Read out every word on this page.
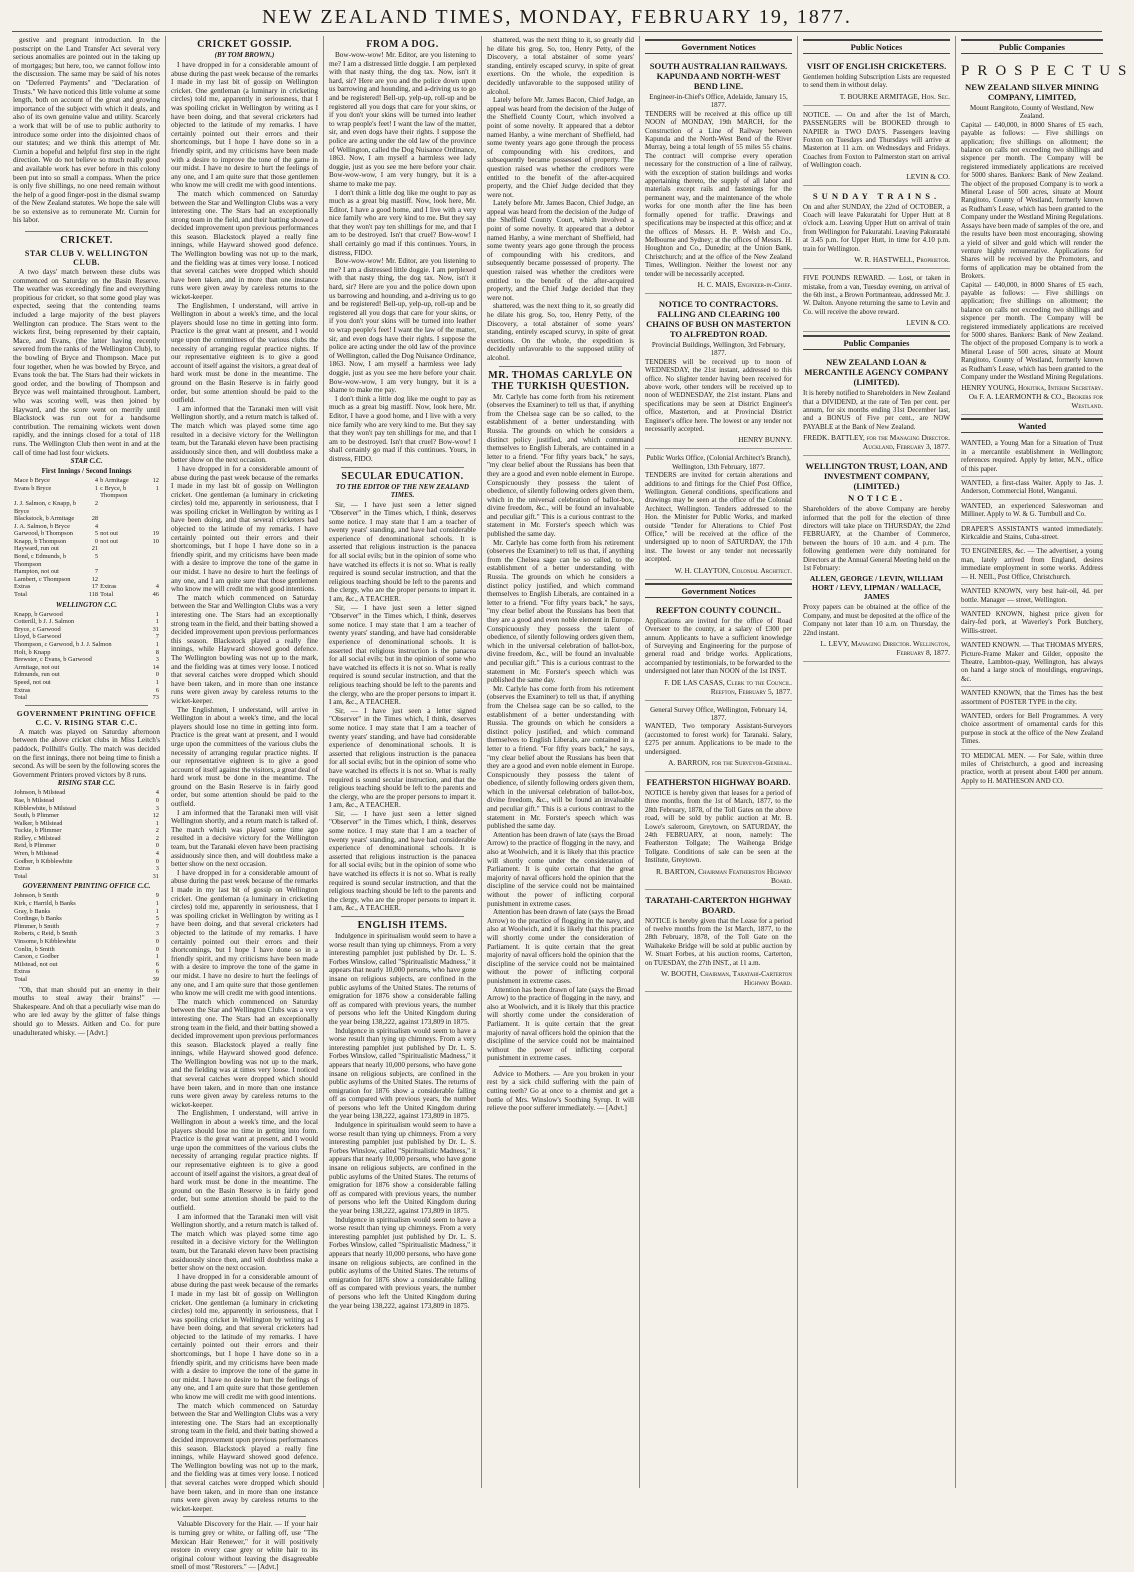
NEW ZEALAND TIMES, MONDAY, FEBRUARY 19, 1877.

gestive and pregnant introduction. In the postscript on the Land Transfer Act several very serious anomalies are pointed out in the taking up of mortgages; but here, too, we cannot follow into the discussion. The same may be said of his notes on "Deferred Payments" and "Declaration of Trusts." We have noticed this little volume at some length, both on account of the great and growing importance of the subject with which it deals, and also of its own genuine value and utility. Scarcely a work that will be of use to public authority to introduce some order into the disjointed chaos of our statutes; and we think this attempt of Mr. Curnin a hopeful and helpful first step in the right direction. We do not believe so much really good and available work has ever before in this colony been put into so small a compass. When the price is only five shillings, no one need remain without the help of a good finger-post in the dismal swamp of the New Zealand statutes. We hope the sale will be so extensive as to remunerate Mr. Curnin for his labor.

CRICKET.
STAR CLUB V. WELLINGTON CLUB.

A two days' match between these clubs was commenced on Saturday on the Basin Reserve. The weather was exceedingly fine and everything propitious for cricket, so that some good play was expected, seeing that the contending teams included a large majority of the best players Wellington can produce. The Stars went to the wickets first, being represented by their captain, Mace, and Evans, (the latter having recently severed from the ranks of the Wellington Club), to the bowling of Bryce and Thompson. Mace put four together, when he was bowled by Bryce, and Evans took the bat. The Stars had their wickets in good order, and the bowling of Thompson and Bryce was well maintained throughout. Lambert, who was scoring well, was then joined by Hayward, and the score went on merrily until Blackstock was run out for a handsome contribution. The remaining wickets went down rapidly, and the innings closed for a total of 118 runs. The Wellington Club then went in and at the call of time had lost four wickets.

STAR C.C.
First Innings / Second Innings
Mace b Bryce	4	b Armitage	12
Evans b Bryce	1	c Bryce, b Thompson	1
J. J. Salmon, c Knapp, b Bryce	2		
Blackstock, b Armitage	28		
J. A. Salmon, b Bryce	4		
Garwood, b Thompson	5	not out	19
Knapp, b Thompson	0	not out	10
Hayward, run out	21		
Bond, c Edmunds, b Thompson	5		
Hampton, not out	7		
Lambert, c Thompson	12		
Extras	17	Extras	4
Total	118	Total	46
WELLINGTON C.C.
Knapp, b Garwood	1
Cotterill, b J. J. Salmon	1
Bryce, c Garwood	31
Lloyd, b Garwood	7
Thompson, c Garwood, b J. J. Salmon	1
Holt, b Knapp	8
Brewster, c Evans, b Garwood	3
Armitage, not out	14
Edmunds, run out	0
Speed, not out	1
Extras	6
Total	73
GOVERNMENT PRINTING OFFICE C.C. V. RISING STAR C.C.

A match was played on Saturday afternoon between the above cricket clubs in Miss Leitch's paddock, Pollhill's Gully. The match was decided on the first innings, there not being time to finish a second. As will be seen by the following scores the Government Printers proved victors by 8 runs.

RISING STAR C.C.
Johnson, b Milstead	4
Rae, b Milstead	0
Kibblewhite, b Milstead	3
South, b Plimmer	12
Walker, b Milstead	1
Tuckie, b Plimmer	2
Ridley, c Milstead	2
Reid, b Plimmer	0
Wren, b Milstead	4
Godber, b Kibblewhite	0
Extras	3
Total	31
GOVERNMENT PRINTING OFFICE C.C.
Johnson, b Smith	9
Kirk, c Harrild, b Banks	1
Gray, b Banks	1
Cordinge, b Banks	5
Plimmer, b Smith	7
Roberts, c Reid, b Smith	3
Vinsome, b Kibblewhite	0
Conlin, b Smith	0
Carson, c Godber	1
Milstead, not out	6
Extras	6
Total	39

"Oh, that man should put an enemy in their mouths to steal away their brains!" — Shakespeare. And oh that a peculiarly wise man do who are led away by the glitter of false things should go to Messrs. Aitken and Co. for pure unadulterated whisky. — [Advt.]

CRICKET GOSSIP.
(BY TOM BROWN.)

I have dropped in for a considerable amount of abuse during the past week because of the remarks I made in my last bit of gossip on Wellington cricket. One gentleman (a luminary in cricketing circles) told me, apparently in seriousness, that I was spoiling cricket in Wellington by writing as I have been doing, and that several cricketers had objected to the latitude of my remarks. I have certainly pointed out their errors and their shortcomings, but I hope I have done so in a friendly spirit, and my criticisms have been made with a desire to improve the tone of the game in our midst. I have no desire to hurt the feelings of any one, and I am quite sure that those gentlemen who know me will credit me with good intentions.

The match which commenced on Saturday between the Star and Wellington Clubs was a very interesting one. The Stars had an exceptionally strong team in the field, and their batting showed a decided improvement upon previous performances this season. Blackstock played a really fine innings, while Hayward showed good defence. The Wellington bowling was not up to the mark, and the fielding was at times very loose. I noticed that several catches were dropped which should have been taken, and in more than one instance runs were given away by careless returns to the wicket-keeper.

The Englishmen, I understand, will arrive in Wellington in about a week's time, and the local players should lose no time in getting into form. Practice is the great want at present, and I would urge upon the committees of the various clubs the necessity of arranging regular practice nights. If our representative eighteen is to give a good account of itself against the visitors, a great deal of hard work must be done in the meantime. The ground on the Basin Reserve is in fairly good order, but some attention should be paid to the outfield.

I am informed that the Taranaki men will visit Wellington shortly, and a return match is talked of. The match which was played some time ago resulted in a decisive victory for the Wellington team, but the Taranaki eleven have been practising assiduously since then, and will doubtless make a better show on the next occasion.

I have dropped in for a considerable amount of abuse during the past week because of the remarks I made in my last bit of gossip on Wellington cricket. One gentleman (a luminary in cricketing circles) told me, apparently in seriousness, that I was spoiling cricket in Wellington by writing as I have been doing, and that several cricketers had objected to the latitude of my remarks. I have certainly pointed out their errors and their shortcomings, but I hope I have done so in a friendly spirit, and my criticisms have been made with a desire to improve the tone of the game in our midst. I have no desire to hurt the feelings of any one, and I am quite sure that those gentlemen who know me will credit me with good intentions.

The match which commenced on Saturday between the Star and Wellington Clubs was a very interesting one. The Stars had an exceptionally strong team in the field, and their batting showed a decided improvement upon previous performances this season. Blackstock played a really fine innings, while Hayward showed good defence. The Wellington bowling was not up to the mark, and the fielding was at times very loose. I noticed that several catches were dropped which should have been taken, and in more than one instance runs were given away by careless returns to the wicket-keeper.

The Englishmen, I understand, will arrive in Wellington in about a week's time, and the local players should lose no time in getting into form. Practice is the great want at present, and I would urge upon the committees of the various clubs the necessity of arranging regular practice nights. If our representative eighteen is to give a good account of itself against the visitors, a great deal of hard work must be done in the meantime. The ground on the Basin Reserve is in fairly good order, but some attention should be paid to the outfield.

I am informed that the Taranaki men will visit Wellington shortly, and a return match is talked of. The match which was played some time ago resulted in a decisive victory for the Wellington team, but the Taranaki eleven have been practising assiduously since then, and will doubtless make a better show on the next occasion.

I have dropped in for a considerable amount of abuse during the past week because of the remarks I made in my last bit of gossip on Wellington cricket. One gentleman (a luminary in cricketing circles) told me, apparently in seriousness, that I was spoiling cricket in Wellington by writing as I have been doing, and that several cricketers had objected to the latitude of my remarks. I have certainly pointed out their errors and their shortcomings, but I hope I have done so in a friendly spirit, and my criticisms have been made with a desire to improve the tone of the game in our midst. I have no desire to hurt the feelings of any one, and I am quite sure that those gentlemen who know me will credit me with good intentions.

The match which commenced on Saturday between the Star and Wellington Clubs was a very interesting one. The Stars had an exceptionally strong team in the field, and their batting showed a decided improvement upon previous performances this season. Blackstock played a really fine innings, while Hayward showed good defence. The Wellington bowling was not up to the mark, and the fielding was at times very loose. I noticed that several catches were dropped which should have been taken, and in more than one instance runs were given away by careless returns to the wicket-keeper.

The Englishmen, I understand, will arrive in Wellington in about a week's time, and the local players should lose no time in getting into form. Practice is the great want at present, and I would urge upon the committees of the various clubs the necessity of arranging regular practice nights. If our representative eighteen is to give a good account of itself against the visitors, a great deal of hard work must be done in the meantime. The ground on the Basin Reserve is in fairly good order, but some attention should be paid to the outfield.

I am informed that the Taranaki men will visit Wellington shortly, and a return match is talked of. The match which was played some time ago resulted in a decisive victory for the Wellington team, but the Taranaki eleven have been practising assiduously since then, and will doubtless make a better show on the next occasion.

I have dropped in for a considerable amount of abuse during the past week because of the remarks I made in my last bit of gossip on Wellington cricket. One gentleman (a luminary in cricketing circles) told me, apparently in seriousness, that I was spoiling cricket in Wellington by writing as I have been doing, and that several cricketers had objected to the latitude of my remarks. I have certainly pointed out their errors and their shortcomings, but I hope I have done so in a friendly spirit, and my criticisms have been made with a desire to improve the tone of the game in our midst. I have no desire to hurt the feelings of any one, and I am quite sure that those gentlemen who know me will credit me with good intentions.

The match which commenced on Saturday between the Star and Wellington Clubs was a very interesting one. The Stars had an exceptionally strong team in the field, and their batting showed a decided improvement upon previous performances this season. Blackstock played a really fine innings, while Hayward showed good defence. The Wellington bowling was not up to the mark, and the fielding was at times very loose. I noticed that several catches were dropped which should have been taken, and in more than one instance runs were given away by careless returns to the wicket-keeper.

Valuable Discovery for the Hair. — If your hair is turning grey or white, or falling off, use "The Mexican Hair Renewer," for it will positively restore in every case grey or white hair to its original colour without leaving the disagreeable smell of most "Restorers." — [Advt.]

FROM A DOG.

Bow-wow-wow! Mr. Editor, are you listening to me? I am a distressed little doggie. I am perplexed with that nasty thing, the dog tax. Now, isn't it hard, sir? Here are you and the police down upon us barrowing and hounding, and a-driving us to go and be registered! Bell-up, yelp-up, roll-up and be registered all you dogs that care for your skins, or if you don't your skins will be turned into leather to wrap people's feet! I want the law of the matter, sir, and even dogs have their rights. I suppose the police are acting under the old law of the province of Wellington, called the Dog Nuisance Ordinance, 1863. Now, I am myself a harmless wee lady doggie, just as you see me here before your chair. Bow-wow-wow, I am very hungry, but it is a shame to make me pay.

I don't think a little dog like me ought to pay as much as a great big mastiff. Now, look here, Mr. Editor, I have a good home, and I live with a very nice family who are very kind to me. But they say that they won't pay ten shillings for me, and that I am to be destroyed. Isn't that cruel? Bow-wow! I shall certainly go mad if this continues. Yours, in distress, FIDO.

Bow-wow-wow! Mr. Editor, are you listening to me? I am a distressed little doggie. I am perplexed with that nasty thing, the dog tax. Now, isn't it hard, sir? Here are you and the police down upon us barrowing and hounding, and a-driving us to go and be registered! Bell-up, yelp-up, roll-up and be registered all you dogs that care for your skins, or if you don't your skins will be turned into leather to wrap people's feet! I want the law of the matter, sir, and even dogs have their rights. I suppose the police are acting under the old law of the province of Wellington, called the Dog Nuisance Ordinance, 1863. Now, I am myself a harmless wee lady doggie, just as you see me here before your chair. Bow-wow-wow, I am very hungry, but it is a shame to make me pay.

I don't think a little dog like me ought to pay as much as a great big mastiff. Now, look here, Mr. Editor, I have a good home, and I live with a very nice family who are very kind to me. But they say that they won't pay ten shillings for me, and that I am to be destroyed. Isn't that cruel? Bow-wow! I shall certainly go mad if this continues. Yours, in distress, FIDO.

SECULAR EDUCATION.
TO THE EDITOR OF THE NEW ZEALAND TIMES.

Sir, — I have just seen a letter signed "Observer" in the Times which, I think, deserves some notice. I may state that I am a teacher of twenty years' standing, and have had considerable experience of denominational schools. It is asserted that religious instruction is the panacea for all social evils; but in the opinion of some who have watched its effects it is not so. What is really required is sound secular instruction, and that the religious teaching should be left to the parents and the clergy, who are the proper persons to impart it. I am, &c., A TEACHER.

Sir, — I have just seen a letter signed "Observer" in the Times which, I think, deserves some notice. I may state that I am a teacher of twenty years' standing, and have had considerable experience of denominational schools. It is asserted that religious instruction is the panacea for all social evils; but in the opinion of some who have watched its effects it is not so. What is really required is sound secular instruction, and that the religious teaching should be left to the parents and the clergy, who are the proper persons to impart it. I am, &c., A TEACHER.

Sir, — I have just seen a letter signed "Observer" in the Times which, I think, deserves some notice. I may state that I am a teacher of twenty years' standing, and have had considerable experience of denominational schools. It is asserted that religious instruction is the panacea for all social evils; but in the opinion of some who have watched its effects it is not so. What is really required is sound secular instruction, and that the religious teaching should be left to the parents and the clergy, who are the proper persons to impart it. I am, &c., A TEACHER.

Sir, — I have just seen a letter signed "Observer" in the Times which, I think, deserves some notice. I may state that I am a teacher of twenty years' standing, and have had considerable experience of denominational schools. It is asserted that religious instruction is the panacea for all social evils; but in the opinion of some who have watched its effects it is not so. What is really required is sound secular instruction, and that the religious teaching should be left to the parents and the clergy, who are the proper persons to impart it. I am, &c., A TEACHER.

ENGLISH ITEMS.

Indulgence in spiritualism would seem to have a worse result than tying up chimneys. From a very interesting pamphlet just published by Dr. L. S. Forbes Winslow, called "Spiritualistic Madness," it appears that nearly 10,000 persons, who have gone insane on religious subjects, are confined in the public asylums of the United States. The returns of emigration for 1876 show a considerable falling off as compared with previous years, the number of persons who left the United Kingdom during the year being 138,222, against 173,809 in 1875.

Indulgence in spiritualism would seem to have a worse result than tying up chimneys. From a very interesting pamphlet just published by Dr. L. S. Forbes Winslow, called "Spiritualistic Madness," it appears that nearly 10,000 persons, who have gone insane on religious subjects, are confined in the public asylums of the United States. The returns of emigration for 1876 show a considerable falling off as compared with previous years, the number of persons who left the United Kingdom during the year being 138,222, against 173,809 in 1875.

Indulgence in spiritualism would seem to have a worse result than tying up chimneys. From a very interesting pamphlet just published by Dr. L. S. Forbes Winslow, called "Spiritualistic Madness," it appears that nearly 10,000 persons, who have gone insane on religious subjects, are confined in the public asylums of the United States. The returns of emigration for 1876 show a considerable falling off as compared with previous years, the number of persons who left the United Kingdom during the year being 138,222, against 173,809 in 1875.

Indulgence in spiritualism would seem to have a worse result than tying up chimneys. From a very interesting pamphlet just published by Dr. L. S. Forbes Winslow, called "Spiritualistic Madness," it appears that nearly 10,000 persons, who have gone insane on religious subjects, are confined in the public asylums of the United States. The returns of emigration for 1876 show a considerable falling off as compared with previous years, the number of persons who left the United Kingdom during the year being 138,222, against 173,809 in 1875.

shattered, was the next thing to it, so greatly did he dilate his grog. So, too, Henry Petty, of the Discovery, a total abstainer of some years' standing, entirely escaped scurvy, in spite of great exertions. On the whole, the expedition is decidedly unfavorable to the supposed utility of alcohol.

Lately before Mr. James Bacon, Chief Judge, an appeal was heard from the decision of the Judge of the Sheffield County Court, which involved a point of some novelty. It appeared that a debtor named Hanby, a wine merchant of Sheffield, had some twenty years ago gone through the process of compounding with his creditors, and subsequently became possessed of property. The question raised was whether the creditors were entitled to the benefit of the after-acquired property, and the Chief Judge decided that they were not.

Lately before Mr. James Bacon, Chief Judge, an appeal was heard from the decision of the Judge of the Sheffield County Court, which involved a point of some novelty. It appeared that a debtor named Hanby, a wine merchant of Sheffield, had some twenty years ago gone through the process of compounding with his creditors, and subsequently became possessed of property. The question raised was whether the creditors were entitled to the benefit of the after-acquired property, and the Chief Judge decided that they were not.

shattered, was the next thing to it, so greatly did he dilate his grog. So, too, Henry Petty, of the Discovery, a total abstainer of some years' standing, entirely escaped scurvy, in spite of great exertions. On the whole, the expedition is decidedly unfavorable to the supposed utility of alcohol.

MR. THOMAS CARLYLE ON THE TURKISH QUESTION.

Mr. Carlyle has come forth from his retirement (observes the Examiner) to tell us that, if anything from the Chelsea sage can be so called, to the establishment of a better understanding with Russia. The grounds on which he considers a distinct policy justified, and which command themselves to English Liberals, are contained in a letter to a friend. "For fifty years back," he says, "my clear belief about the Russians has been that they are a good and even noble element in Europe. Conspicuously they possess the talent of obedience, of silently following orders given them, which in the universal celebration of ballot-box, divine freedom, &c., will be found an invaluable and peculiar gift." This is a curious contrast to the statement in Mr. Forster's speech which was published the same day.

Mr. Carlyle has come forth from his retirement (observes the Examiner) to tell us that, if anything from the Chelsea sage can be so called, to the establishment of a better understanding with Russia. The grounds on which he considers a distinct policy justified, and which command themselves to English Liberals, are contained in a letter to a friend. "For fifty years back," he says, "my clear belief about the Russians has been that they are a good and even noble element in Europe. Conspicuously they possess the talent of obedience, of silently following orders given them, which in the universal celebration of ballot-box, divine freedom, &c., will be found an invaluable and peculiar gift." This is a curious contrast to the statement in Mr. Forster's speech which was published the same day.

Mr. Carlyle has come forth from his retirement (observes the Examiner) to tell us that, if anything from the Chelsea sage can be so called, to the establishment of a better understanding with Russia. The grounds on which he considers a distinct policy justified, and which command themselves to English Liberals, are contained in a letter to a friend. "For fifty years back," he says, "my clear belief about the Russians has been that they are a good and even noble element in Europe. Conspicuously they possess the talent of obedience, of silently following orders given them, which in the universal celebration of ballot-box, divine freedom, &c., will be found an invaluable and peculiar gift." This is a curious contrast to the statement in Mr. Forster's speech which was published the same day.

Attention has been drawn of late (says the Broad Arrow) to the practice of flogging in the navy, and also at Woolwich, and it is likely that this practice will shortly come under the consideration of Parliament. It is quite certain that the great majority of naval officers hold the opinion that the discipline of the service could not be maintained without the power of inflicting corporal punishment in extreme cases.

Attention has been drawn of late (says the Broad Arrow) to the practice of flogging in the navy, and also at Woolwich, and it is likely that this practice will shortly come under the consideration of Parliament. It is quite certain that the great majority of naval officers hold the opinion that the discipline of the service could not be maintained without the power of inflicting corporal punishment in extreme cases.

Attention has been drawn of late (says the Broad Arrow) to the practice of flogging in the navy, and also at Woolwich, and it is likely that this practice will shortly come under the consideration of Parliament. It is quite certain that the great majority of naval officers hold the opinion that the discipline of the service could not be maintained without the power of inflicting corporal punishment in extreme cases.

Advice to Mothers. — Are you broken in your rest by a sick child suffering with the pain of cutting teeth? Go at once to a chemist and get a bottle of Mrs. Winslow's Soothing Syrup. It will relieve the poor sufferer immediately. — [Advt.]

Government Notices
SOUTH AUSTRALIAN RAILWAYS. KAPUNDA AND NORTH-WEST BEND LINE.
Engineer-in-Chief's Office, Adelaide, January 15, 1877.
TENDERS will be received at this office up till NOON of MONDAY, 19th MARCH, for the Construction of a Line of Railway between Kapunda and the North-West Bend of the River Murray, being a total length of 55 miles 55 chains. The contract will comprise every operation necessary for the construction of a line of railway, with the exception of station buildings and works appertaining thereto, the supply of all labor and materials except rails and fastenings for the permanent way, and the maintenance of the whole works for one month after the line has been formally opened for traffic. Drawings and specifications may be inspected at this office; and at the offices of Messrs. H. P. Welsh and Co., Melbourne and Sydney; at the offices of Messrs. H. Houghton and Co., Dunedin; at the Union Bank, Christchurch; and at the office of the New Zealand Times, Wellington. Neither the lowest nor any tender will be necessarily accepted.
H. C. MAIS, Engineer-in-Chief.
NOTICE TO CONTRACTORS. FALLING AND CLEARING 100 CHAINS OF BUSH ON MASTERTON TO ALFREDTON ROAD.
Provincial Buildings, Wellington, 3rd February, 1877.
TENDERS will be received up to noon of WEDNESDAY, the 21st instant, addressed to this office. No slighter tender having been received for above work, other tenders will be received up to noon of WEDNESDAY, the 21st instant. Plans and specifications may be seen at District Engineer's office, Masterton, and at Provincial District Engineer's office here. The lowest or any tender not necessarily accepted.
HENRY BUNNY.
Public Works Office, (Colonial Architect's Branch), Wellington, 13th February, 1877.
TENDERS are invited for certain alterations and additions to and fittings for the Chief Post Office, Wellington. General conditions, specifications and drawings may be seen at the office of the Colonial Architect, Wellington. Tenders addressed to the Hon. the Minister for Public Works, and marked outside "Tender for Alterations to Chief Post Office," will be received at the office of the undersigned up to noon of SATURDAY, the 17th inst. The lowest or any tender not necessarily accepted.
W. H. CLAYTON, Colonial Architect.
Government Notices
REEFTON COUNTY COUNCIL.
Applications are invited for the office of Road Overseer to the county, at a salary of £300 per annum. Applicants to have a sufficient knowledge of Surveying and Engineering for the purpose of general road and bridge works. Applications, accompanied by testimonials, to be forwarded to the undersigned not later than NOON of the 1st INST.
F. DE LAS CASAS, Clerk to the Council. Reefton, February 5, 1877.
General Survey Office, Wellington, February 14, 1877.
WANTED, Two temporary Assistant-Surveyors (accustomed to forest work) for Taranaki. Salary, £275 per annum. Applications to be made to the undersigned.
A. BARRON, for the Surveyor-General.
FEATHERSTON HIGHWAY BOARD.
NOTICE is hereby given that leases for a period of three months, from the 1st of March, 1877, to the 28th February, 1878, of the Toll Gates on the above road, will be sold by public auction at Mr. B. Lowe's saleroom, Greytown, on SATURDAY, the 24th FEBRUARY, at noon, namely: The Featherston Tollgate; The Waihenga Bridge Tollgate. Conditions of sale can be seen at the Institute, Greytown.
R. BARTON, Chairman Featherston Highway Board.
TARATAHI-CARTERTON HIGHWAY BOARD.
NOTICE is hereby given that the Lease for a period of twelve months from the 1st March, 1877, to the 28th February, 1878, of the Toll Gate on the Waihakeke Bridge will be sold at public auction by W. Stuart Forbes, at his auction rooms, Carterton, on TUESDAY, the 27th INST., at 11 a.m.
W. BOOTH, Chairman, Taratahi-Carterton Highway Board.
Public Notices
VISIT OF ENGLISH CRICKETERS.
Gentlemen holding Subscription Lists are requested to send them in without delay.
T. BOURKE ARMITAGE, Hon. Sec.
NOTICE. — On and after the 1st of March, PASSENGERS will be BOOKED through to NAPIER in TWO DAYS. Passengers leaving Foxton on Tuesdays and Thursdays will arrive at Masterton at 11 a.m. on Wednesdays and Fridays. Coaches from Foxton to Palmerston start on arrival of Wellington coach.
LEVIN & CO.
SUNDAY TRAINS.
On and after SUNDAY, the 22nd of OCTOBER, a Coach will leave Pakuratahi for Upper Hutt at 8 o'clock a.m. Leaving Upper Hutt on arrival of train from Wellington for Pakuratahi. Leaving Pakuratahi at 3.45 p.m. for Upper Hutt, in time for 4.10 p.m. train for Wellington.
W. R. HASTWELL, Proprietor.
FIVE POUNDS REWARD. — Lost, or taken in mistake, from a van, Tuesday evening, on arrival of the 6th inst., a Brown Portmanteau, addressed Mr. J. W. Dalton. Anyone returning the same to Levin and Co. will receive the above reward.
LEVIN & CO.
Public Companies
NEW ZEALAND LOAN & MERCANTILE AGENCY COMPANY (LIMITED).
It is hereby notified to Shareholders in New Zealand that a DIVIDEND, at the rate of Ten per cent. per annum, for six months ending 31st December last, and a BONUS of Five per cent., are NOW PAYABLE at the Bank of New Zealand.
FREDK. BATTLEY, for the Managing Director. Auckland, February 3, 1877.
WELLINGTON TRUST, LOAN, AND INVESTMENT COMPANY, (LIMITED.)
NOTICE.
Shareholders of the above Company are hereby informed that the poll for the election of three directors will take place on THURSDAY, the 22nd FEBRUARY, at the Chamber of Commerce, between the hours of 10 a.m. and 4 p.m. The following gentlemen were duly nominated for Directors at the Annual General Meeting held on the 1st February:
ALLEN, GEORGE / LEVIN, WILLIAM HORT / LEVY, LIPMAN / WALLACE, JAMES
Proxy papers can be obtained at the office of the Company, and must be deposited at the office of the Company not later than 10 a.m. on Thursday, the 22nd instant.
L. LEVY, Managing Director. Wellington, February 8, 1877.
Public Companies
PROSPECTUS
NEW ZEALAND SILVER MINING COMPANY, LIMITED,
Mount Rangitoto, County of Westland, New Zealand.
Capital — £40,000, in 8000 Shares of £5 each, payable as follows: — Five shillings on application; five shillings on allotment; the balance on calls not exceeding two shillings and sixpence per month. The Company will be registered immediately applications are received for 5000 shares. Bankers: Bank of New Zealand. The object of the proposed Company is to work a Mineral Lease of 500 acres, situate at Mount Rangitoto, County of Westland, formerly known as Rudham's Lease, which has been granted to the Company under the Westland Mining Regulations.
Assays have been made of samples of the ore, and the results have been most encouraging, showing a yield of silver and gold which will render the venture highly remunerative. Applications for Shares will be received by the Promoters, and forms of application may be obtained from the Brokers.
Capital — £40,000, in 8000 Shares of £5 each, payable as follows: — Five shillings on application; five shillings on allotment; the balance on calls not exceeding two shillings and sixpence per month. The Company will be registered immediately applications are received for 5000 shares. Bankers: Bank of New Zealand. The object of the proposed Company is to work a Mineral Lease of 500 acres, situate at Mount Rangitoto, County of Westland, formerly known as Rudham's Lease, which has been granted to the Company under the Westland Mining Regulations.
HENRY YOUNG, Hokitika, Interim Secretary. Or F. A. LEARMONTH & CO., Brokers for Westland.
Wanted
WANTED, a Young Man for a Situation of Trust in a mercantile establishment in Wellington; references required. Apply by letter, M.N., office of this paper.
WANTED, a first-class Waiter. Apply to Jas. J. Anderson, Commercial Hotel, Wanganui.
WANTED, an experienced Saleswoman and Milliner. Apply to W. & G. Turnbull and Co.
DRAPER'S ASSISTANTS wanted immediately. Kirkcaldie and Stains, Cuba-street.
TO ENGINEERS, &c. — The advertiser, a young man, lately arrived from England, desires immediate employment in some works. Address — H. NEIL, Post Office, Christchurch.
WANTED KNOWN, very best hair-oil, 4d. per bottle. Manager — street, Wellington.
WANTED KNOWN, highest price given for dairy-fed pork, at Waverley's Pork Butchery, Willis-street.
WANTED KNOWN. — That THOMAS MYERS, Picture-Frame Maker and Gilder, opposite the Theatre, Lambton-quay, Wellington, has always on hand a large stock of mouldings, engravings, &c.
WANTED KNOWN, that the Times has the best assortment of POSTER TYPE in the city.
WANTED, orders for Bell Programmes. A very choice assortment of ornamental cards for this purpose in stock at the office of the New Zealand Times.
TO MEDICAL MEN. — For Sale, within three miles of Christchurch, a good and increasing practice, worth at present about £400 per annum. Apply to H. MATHESON AND CO.
